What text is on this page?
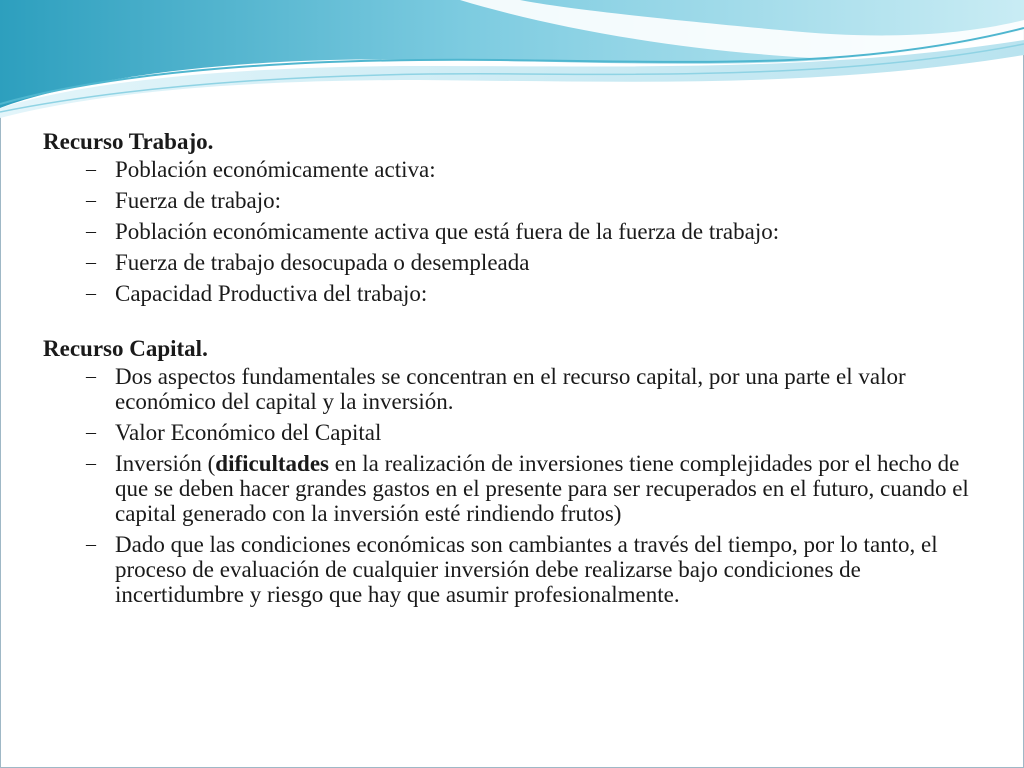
Recurso Trabajo.
– Población económicamente activa:
– Fuerza de trabajo:
– Población económicamente activa que está fuera de la fuerza de trabajo:
– Fuerza de trabajo desocupada o desempleada
– Capacidad Productiva del trabajo:
Recurso Capital.
– Dos aspectos fundamentales se concentran en el recurso capital, por una parte el valor económico del capital y la inversión.
– Valor Económico del Capital
– Inversión (dificultades en la realización de inversiones tiene complejidades por el hecho de que se deben hacer grandes gastos en el presente para ser recuperados en el futuro, cuando el capital generado con la inversión esté rindiendo frutos)
– Dado que las condiciones económicas son cambiantes a través del tiempo, por lo tanto, el proceso de evaluación de cualquier inversión debe realizarse bajo condiciones de incertidumbre y riesgo que hay que asumir profesionalmente.
